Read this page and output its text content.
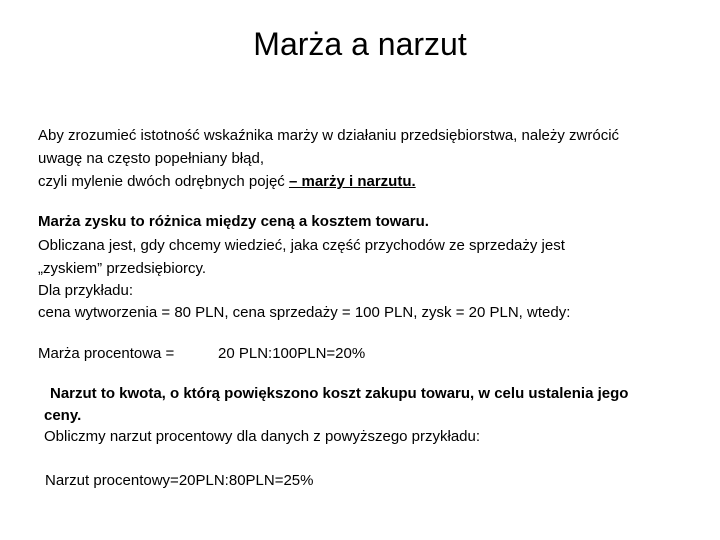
Marża a narzut
Aby zrozumieć istotność wskaźnika marży w działaniu przedsiębiorstwa, należy zwrócić
uwagę na często popełniany błąd,
czyli mylenie dwóch odrębnych pojęć – marży i narzutu.
Marża zysku to różnica między ceną a kosztem towaru.
Obliczana jest, gdy chcemy wiedzieć, jaka część przychodów ze sprzedaży jest
„zyskiem” przedsiębiorcy.
Dla przykładu:
cena wytworzenia = 80 PLN, cena sprzedaży = 100 PLN, zysk = 20 PLN, wtedy:
Marża procentowa =	20 PLN:100PLN=20%
Narzut to kwota, o którą powiększono koszt zakupu towaru, w celu ustalenia jego
ceny.
Obliczmy narzut procentowy dla danych z powyższego przykładu:
Narzut procentowy=20PLN:80PLN=25%
